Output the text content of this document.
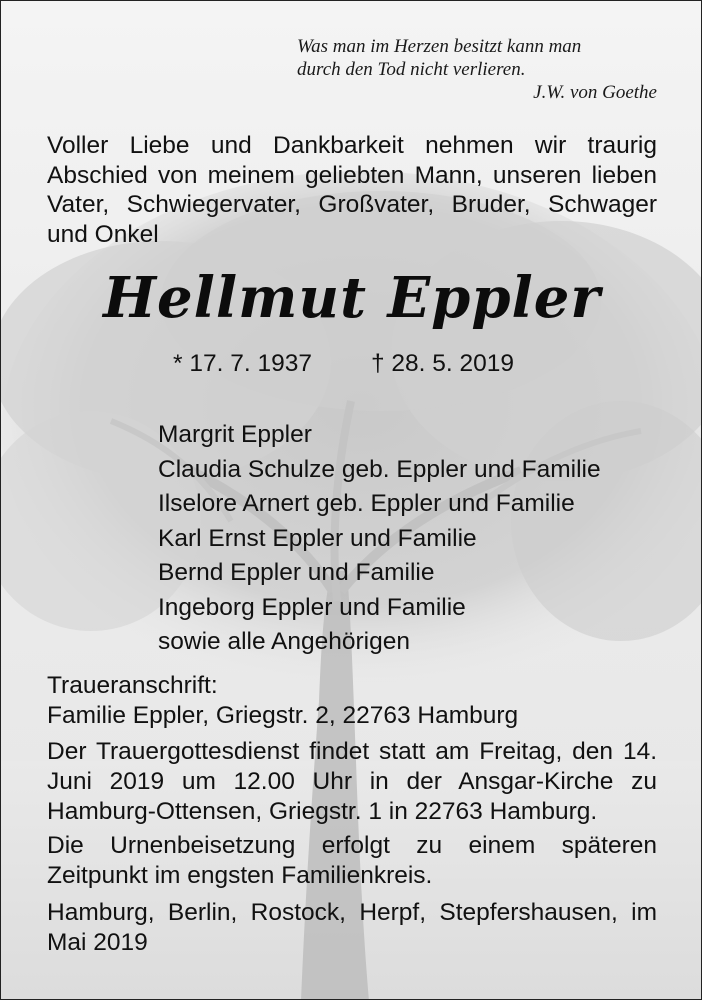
Was man im Herzen besitzt kann man
durch den Tod nicht verlieren.
J.W. von Goethe
Voller Liebe und Dankbarkeit nehmen wir traurig Abschied von meinem geliebten Mann, unseren lieben Vater, Schwiegervater, Großvater, Bruder, Schwager und Onkel
Hellmut Eppler
* 17. 7. 1937 † 28. 5. 2019
Margrit Eppler
Claudia Schulze geb. Eppler und Familie
Ilselore Arnert geb. Eppler und Familie
Karl Ernst Eppler und Familie
Bernd Eppler und Familie
Ingeborg Eppler und Familie
sowie alle Angehörigen
Traueranschrift:
Familie Eppler, Griegstr. 2, 22763 Hamburg
Der Trauergottesdienst findet statt am Freitag, den 14. Juni 2019 um 12.00 Uhr in der Ansgar-Kirche zu Hamburg-Ottensen, Griegstr. 1 in 22763 Hamburg.
Die Urnenbeisetzung erfolgt zu einem späteren Zeitpunkt im engsten Familienkreis.
Hamburg, Berlin, Rostock, Herpf, Stepfershausen, im Mai 2019
